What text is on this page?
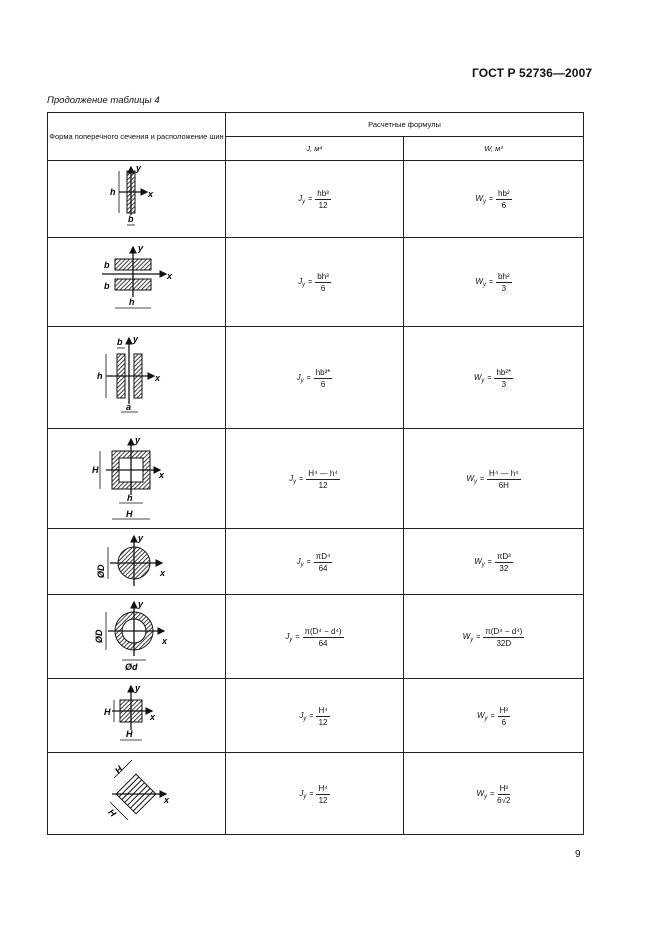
ГОСТ Р 52736—2007
Продолжение таблицы 4
Форма поперечного сечения и расположение шин	Расчетные формулы	
	J, м⁴	W, м³

y
x
h
b	$J_y = \frac{\text{hb³}}{12}$	$W_y = \frac{\text{hb²}}{6}$

y
x
b
b
h	$J_y = \frac{\text{bh³}}{6}$	$W_y = \frac{\text{bh²}}{3}$

y
x
h
b
a	$J_y = \frac{\text{hb³*}}{6}$	$W_y = \frac{\text{hb²*}}{3}$

y
x
H
h
H	$J_y = \frac{\text{H⁴ — h⁴}}{12}$	$W_y = \frac{\text{H⁴ — h⁴}}{6H}$

y
x
ØD	$J_y = \frac{\text{πD⁴}}{64}$	$W_y = \frac{\text{πD³}}{32}$

y
x
ØD
Ød	$J_y = \frac{\text{π(D⁴ − d⁴)}}{64}$	$W_y = \frac{\text{π(D⁴ − d⁴)}}{32D}$

y
x
H
H	$J_y = \frac{\text{H⁴}}{12}$	$W_y = \frac{\text{H³}}{6}$

x
H
H	$J_y = \frac{\text{H⁴}}{12}$	$W_y = \frac{\text{H³}}{6√2}$
9
